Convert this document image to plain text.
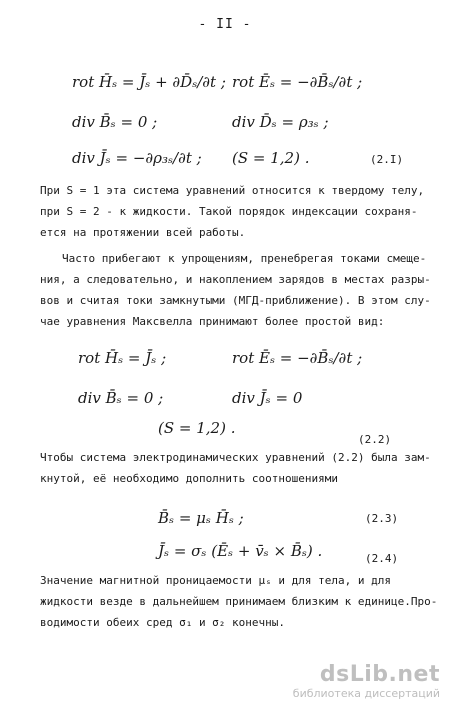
- II -
rot H̄ₛ = J̄ₛ + ∂D̄ₛ/∂t ; rot Ēₛ = −∂B̄ₛ/∂t ;
div B̄ₛ = 0 ;	div D̄ₛ = ρ₃ₛ ;
div J̄ₛ = −∂ρ₃ₛ/∂t ; (S = 1,2) .	(2.I)
При S = 1 эта система уравнений относится к твердому телу,
при S = 2 - к жидкости. Такой порядок индексации сохраня-
ется на протяжении всей работы.
Часто прибегают к упрощениям, пренебрегая токами смеще-
ния, а следовательно, и накоплением зарядов в местах разры-
вов и считая токи замкнутыми (МГД-приближение). В этом слу-
чае уравнения Максвелла принимают более простой вид:
rot H̄ₛ = J̄ₛ ;	rot Ēₛ = −∂B̄ₛ/∂t ;
div B̄ₛ = 0 ;	div J̄ₛ = 0
(S = 1,2) .
(2.2)
Чтобы система электродинамических уравнений (2.2) была зам-
кнутой, её необходимо дополнить соотношениями
B̄ₛ = μₛ H̄ₛ ;	(2.3)
J̄ₛ = σₛ (Ēₛ + v̄ₛ × B̄ₛ) .	(2.4)
Значение магнитной проницаемости μₛ и для тела, и для
жидкости везде в дальнейшем принимаем близким к единице.Про-
водимости обеих сред σ₁ и σ₂ конечны.
dsLib.net
библиотека диссертаций
